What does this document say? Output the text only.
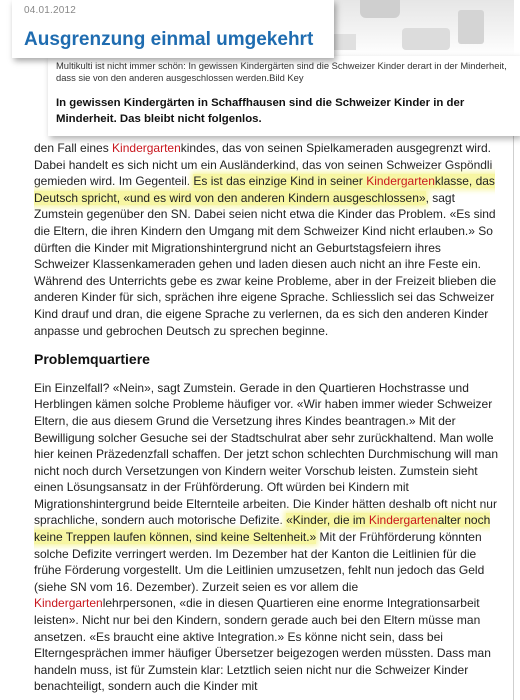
04.01.2012
Ausgrenzung einmal umgekehrt
Multikulti ist nicht immer schön: In gewissen Kindergärten sind die Schweizer Kinder derart in der Minderheit, dass sie von den anderen ausgeschlossen werden.Bild Key
In gewissen Kindergärten in Schaffhausen sind die Schweizer Kinder in der Minderheit. Das bleibt nicht folgenlos.

den Fall eines Kindergartenkindes, das von seinen Spielkameraden ausgegrenzt wird. Dabei handelt es sich nicht um ein Ausländerkind, das von seinen Schweizer Gspöndli gemieden wird. Im Gegenteil. Es ist das einzige Kind in seiner Kindergartenklasse, das Deutsch spricht, «und es wird von den anderen Kindern ausgeschlossen», sagt Zumstein gegenüber den SN. Dabei seien nicht etwa die Kinder das Problem. «Es sind die Eltern, die ihren Kindern den Umgang mit dem Schweizer Kind nicht erlauben.» So dürften die Kinder mit Migrationshintergrund nicht an Geburtstagsfeiern ihres Schweizer Klassenkameraden gehen und laden diesen auch nicht an ihre Feste ein. Während des Unterrichts gebe es zwar keine Probleme, aber in der Freizeit blieben die anderen Kinder für sich, sprächen ihre eigene Sprache. Schliesslich sei das Schweizer Kind drauf und dran, die eigene Sprache zu verlernen, da es sich den anderen Kinder anpasse und gebrochen Deutsch zu sprechen beginne.

Problemquartiere

Ein Einzelfall? «Nein», sagt Zumstein. Gerade in den Quartieren Hochstrasse und Herblingen kämen solche Probleme häufiger vor. «Wir haben immer wieder Schweizer Eltern, die aus diesem Grund die Versetzung ihres Kindes beantragen.» Mit der Bewilligung solcher Gesuche sei der Stadtschulrat aber sehr zurückhaltend. Man wolle hier keinen Präzedenzfall schaffen. Der jetzt schon schlechten Durchmischung will man nicht noch durch Versetzungen von Kindern weiter Vorschub leisten. Zumstein sieht einen Lösungsansatz in der Frühförderung. Oft würden bei Kindern mit Migrationshintergrund beide Elternteile arbeiten. Die Kinder hätten deshalb oft nicht nur sprachliche, sondern auch motorische Defizite. «Kinder, die im Kindergartenalter noch keine Treppen laufen können, sind keine Seltenheit.» Mit der Frühförderung könnten solche Defizite verringert werden. Im Dezember hat der Kanton die Leitlinien für die frühe Förderung vorgestellt. Um die Leitlinien umzusetzen, fehlt nun jedoch das Geld (siehe SN vom 16. Dezember). Zurzeit seien es vor allem die Kindergartenlehrpersonen, «die in diesen Quartieren eine enorme Integrationsarbeit leisten». Nicht nur bei den Kindern, sondern gerade auch bei den Eltern müsse man ansetzen. «Es braucht eine aktive Integration.» Es könne nicht sein, dass bei Elterngesprächen immer häufiger Übersetzer beigezogen werden müssten. Dass man handeln muss, ist für Zumstein klar: Letztlich seien nicht nur die Schweizer Kinder benachteiligt, sondern auch die Kinder mit
